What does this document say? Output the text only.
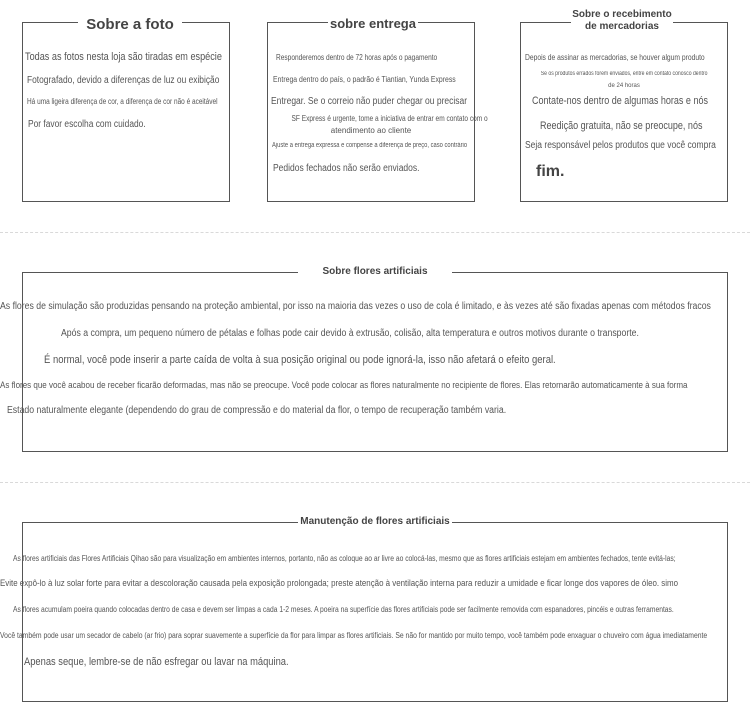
Sobre a foto
Todas as fotos nesta loja são tiradas em espécie
Fotografado, devido a diferenças de luz ou exibição
Há uma ligeira diferença de cor, a diferença de cor não é aceitável
Por favor escolha com cuidado.
sobre entrega
Responderemos dentro de 72 horas após o pagamento
Entrega dentro do país, o padrão é Tiantian, Yunda Express
Entregar. Se o correio não puder chegar ou precisar
SF Express é urgente, tome a iniciativa de entrar em contato com o
atendimento ao cliente
Ajuste a entrega expressa e compense a diferença de preço, caso contrário
Pedidos fechados não serão enviados.
Sobre o recebimento
de mercadorias
Depois de assinar as mercadorias, se houver algum produto
Se os produtos errados forem enviados, entre em contato conosco dentro
de 24 horas
Contate-nos dentro de algumas horas e nós
Reedição gratuita, não se preocupe, nós
Seja responsável pelos produtos que você compra
fim.
Sobre flores artificiais
As flores de simulação são produzidas pensando na proteção ambiental, por isso na maioria das vezes o uso de cola é limitado, e às vezes até são fixadas apenas com métodos fracos
Após a compra, um pequeno número de pétalas e folhas pode cair devido à extrusão, colisão, alta temperatura e outros motivos durante o transporte.
É normal, você pode inserir a parte caída de volta à sua posição original ou pode ignorá-la, isso não afetará o efeito geral.
As flores que você acabou de receber ficarão deformadas, mas não se preocupe. Você pode colocar as flores naturalmente no recipiente de flores. Elas retornarão automaticamente à sua forma
Estado naturalmente elegante (dependendo do grau de compressão e do material da flor, o tempo de recuperação também varia.
Manutenção de flores artificiais
As flores artificiais das Flores Artificiais Qihao são para visualização em ambientes internos, portanto, não as coloque ao ar livre ao colocá-las, mesmo que as flores artificiais estejam em ambientes fechados, tente evitá-las;
Evite expô-lo à luz solar forte para evitar a descoloração causada pela exposição prolongada; preste atenção à ventilação interna para reduzir a umidade e ficar longe dos vapores de óleo. simo
As flores acumulam poeira quando colocadas dentro de casa e devem ser limpas a cada 1-2 meses. A poeira na superfície das flores artificiais pode ser facilmente removida com espanadores, pincéis e outras ferramentas.
Você também pode usar um secador de cabelo (ar frio) para soprar suavemente a superfície da flor para limpar as flores artificiais. Se não for mantido por muito tempo, você também pode enxaguar o chuveiro com água imediatamente
Apenas seque, lembre-se de não esfregar ou lavar na máquina.
